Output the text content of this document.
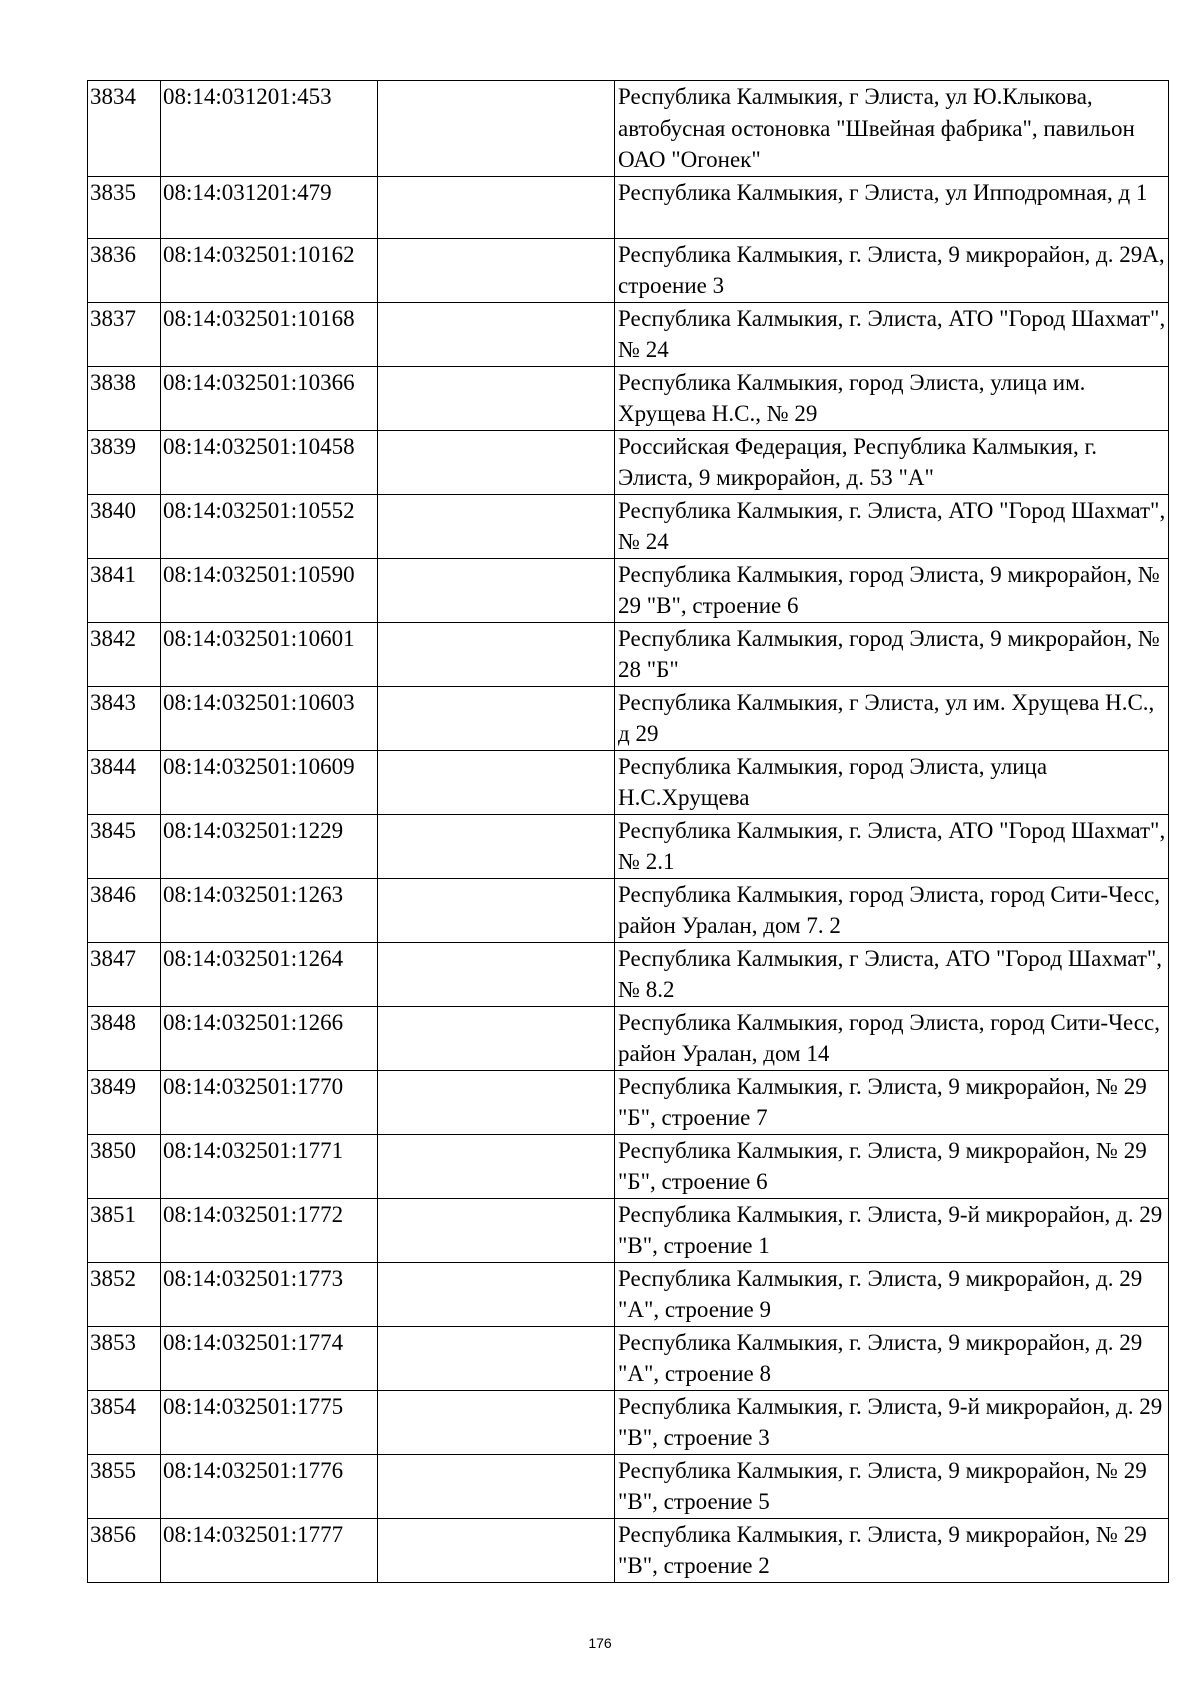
3834	08:14:031201:453		Республика Калмыкия, г Элиста, ул Ю.Клыкова, автобусная остоновка "Швейная фабрика", павильон ОАО "Огонек"
3835	08:14:031201:479		Республика Калмыкия, г Элиста, ул Ипподромная, д 1
3836	08:14:032501:10162		Республика Калмыкия, г. Элиста, 9 микрорайон, д. 29А, строение 3
3837	08:14:032501:10168		Республика Калмыкия, г. Элиста, АТО "Город Шахмат", № 24
3838	08:14:032501:10366		Республика Калмыкия, город Элиста, улица им. Хрущева Н.С., № 29
3839	08:14:032501:10458		Российская Федерация, Республика Калмыкия, г. Элиста, 9 микрорайон, д. 53 "А"
3840	08:14:032501:10552		Республика Калмыкия, г. Элиста, АТО "Город Шахмат", № 24
3841	08:14:032501:10590		Республика Калмыкия, город Элиста, 9 микрорайон, № 29 "В", строение 6
3842	08:14:032501:10601		Республика Калмыкия, город Элиста, 9 микрорайон, № 28 "Б"
3843	08:14:032501:10603		Республика Калмыкия, г Элиста, ул им. Хрущева Н.С., д 29
3844	08:14:032501:10609		Республика Калмыкия, город Элиста, улица Н.С.Хрущева
3845	08:14:032501:1229		Республика Калмыкия, г. Элиста, АТО "Город Шахмат", № 2.1
3846	08:14:032501:1263		Республика Калмыкия, город Элиста, город Сити-Чесс, район Уралан, дом 7. 2
3847	08:14:032501:1264		Республика Калмыкия, г Элиста, АТО "Город Шахмат", № 8.2
3848	08:14:032501:1266		Республика Калмыкия, город Элиста, город Сити-Чесс, район Уралан, дом 14
3849	08:14:032501:1770		Республика Калмыкия, г. Элиста, 9 микрорайон, № 29 "Б", строение 7
3850	08:14:032501:1771		Республика Калмыкия, г. Элиста, 9 микрорайон, № 29 "Б", строение 6
3851	08:14:032501:1772		Республика Калмыкия, г. Элиста, 9-й микрорайон, д. 29 "В", строение 1
3852	08:14:032501:1773		Республика Калмыкия, г. Элиста, 9 микрорайон, д. 29 "А", строение 9
3853	08:14:032501:1774		Республика Калмыкия, г. Элиста, 9 микрорайон, д. 29 "А", строение 8
3854	08:14:032501:1775		Республика Калмыкия, г. Элиста, 9-й микрорайон, д. 29 "В", строение 3
3855	08:14:032501:1776		Республика Калмыкия, г. Элиста, 9 микрорайон, № 29 "В", строение 5
3856	08:14:032501:1777		Республика Калмыкия, г. Элиста, 9 микрорайон, № 29 "В", строение 2
176
